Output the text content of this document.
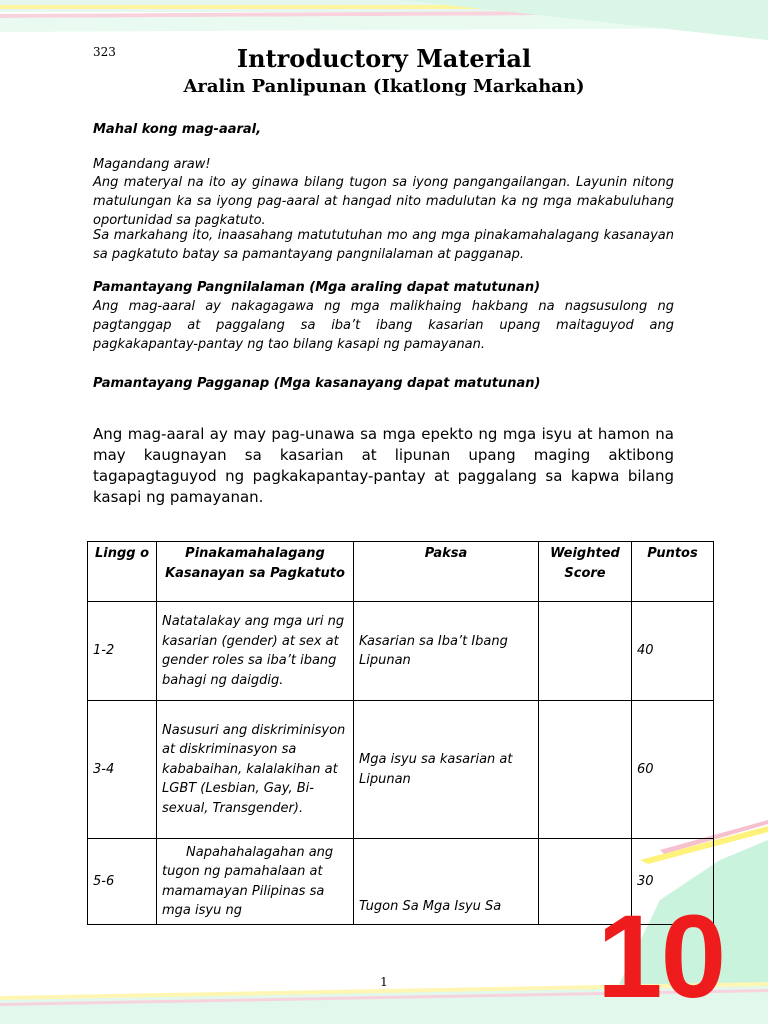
323	Introductory Material
Aralin Panlipunan (Ikatlong Markahan)
Mahal kong mag-aaral,
Magandang araw!
Ang materyal na ito ay ginawa bilang tugon sa iyong pangangailangan. Layunin nitong matulungan ka sa iyong pag-aaral at hangad nito madulutan ka ng mga makabuluhang oportunidad sa pagkatuto.
Sa markahang ito, inaasahang matututuhan mo ang mga pinakamahalagang kasanayan sa pagkatuto batay sa pamantayang pangnilalaman at pagganap.
Pamantayang Pangnilalaman (Mga araling dapat matutunan)
Ang mag-aaral ay nakagagawa ng mga malikhaing hakbang na nagsusulong ng pagtanggap at paggalang sa iba’t ibang kasarian upang maitaguyod ang pagkakapantay-pantay ng tao bilang kasapi ng pamayanan.
Pamantayang Pagganap (Mga kasanayang dapat matutunan)
Ang mag-aaral ay may pag-unawa sa mga epekto ng mga isyu at hamon na may kaugnayan sa kasarian at lipunan upang maging aktibong tagapagtaguyod ng pagkakapantay-pantay at paggalang sa kapwa bilang kasapi ng pamayanan.
Lingg o	Pinakamahalagang Kasanayan sa Pagkatuto	Paksa	Weighted Score	Puntos
1-2	Natatalakay ang mga uri ng kasarian (gender) at sex at gender roles sa iba’t ibang bahagi ng daigdig.	Kasarian sa Iba’t Ibang Lipunan		40
3-4	Nasusuri ang diskriminisyon at diskriminasyon sa kababaihan, kalalakihan at LGBT (Lesbian, Gay, Bi-sexual, Transgender).	Mga isyu sa kasarian at Lipunan		60
5-6	Napahahalagahan ang tugon ng pamahalaan at mamamayan Pilipinas sa mga isyu ng	Tugon Sa Mga Isyu Sa		30
10
1
